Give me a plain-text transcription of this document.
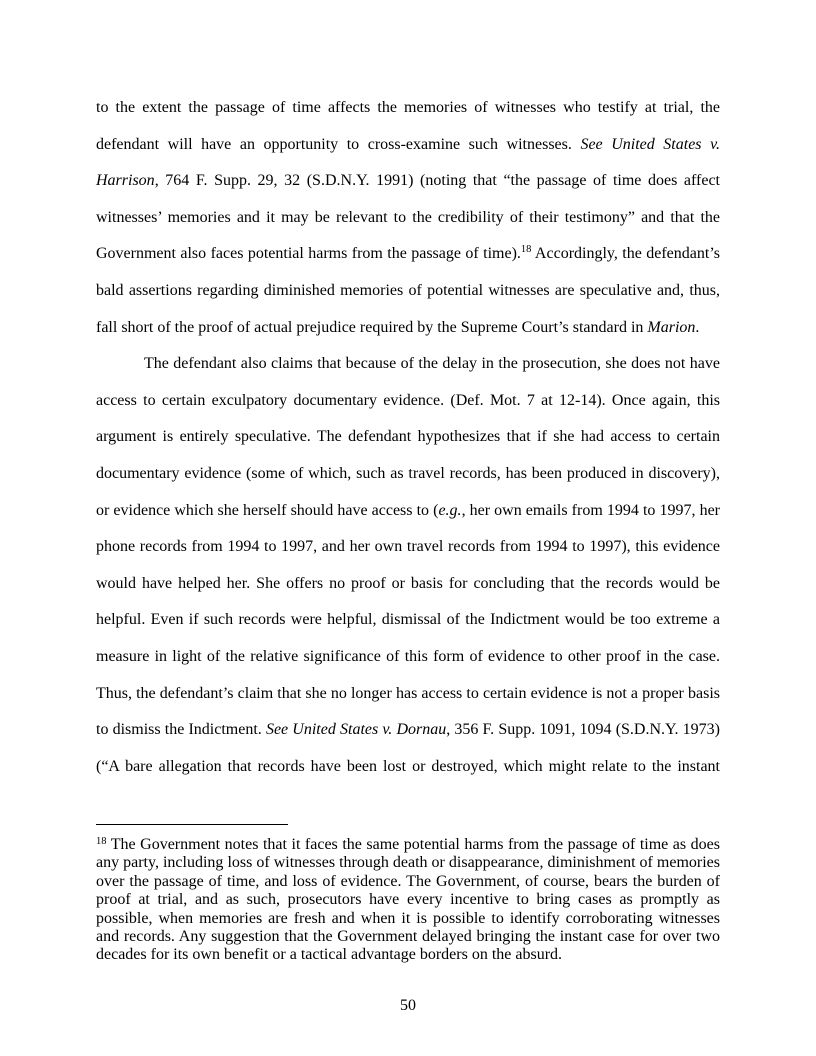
to the extent the passage of time affects the memories of witnesses who testify at trial, the defendant will have an opportunity to cross-examine such witnesses. See United States v. Harrison, 764 F. Supp. 29, 32 (S.D.N.Y. 1991) (noting that “the passage of time does affect witnesses’ memories and it may be relevant to the credibility of their testimony” and that the Government also faces potential harms from the passage of time).$^{18}$ Accordingly, the defendant’s bald assertions regarding diminished memories of potential witnesses are speculative and, thus, fall short of the proof of actual prejudice required by the Supreme Court’s standard in Marion.

The defendant also claims that because of the delay in the prosecution, she does not have access to certain exculpatory documentary evidence. (Def. Mot. 7 at 12-14). Once again, this argument is entirely speculative. The defendant hypothesizes that if she had access to certain documentary evidence (some of which, such as travel records, has been produced in discovery), or evidence which she herself should have access to (e.g., her own emails from 1994 to 1997, her phone records from 1994 to 1997, and her own travel records from 1994 to 1997), this evidence would have helped her. She offers no proof or basis for concluding that the records would be helpful. Even if such records were helpful, dismissal of the Indictment would be too extreme a measure in light of the relative significance of this form of evidence to other proof in the case. Thus, the defendant’s claim that she no longer has access to certain evidence is not a proper basis to dismiss the Indictment. See United States v. Dornau, 356 F. Supp. 1091, 1094 (S.D.N.Y. 1973) (“A bare allegation that records have been lost or destroyed, which might relate to the instant

$^{18}$ The Government notes that it faces the same potential harms from the passage of time as does any party, including loss of witnesses through death or disappearance, diminishment of memories over the passage of time, and loss of evidence. The Government, of course, bears the burden of proof at trial, and as such, prosecutors have every incentive to bring cases as promptly as possible, when memories are fresh and when it is possible to identify corroborating witnesses and records. Any suggestion that the Government delayed bringing the instant case for over two decades for its own benefit or a tactical advantage borders on the absurd.

50
